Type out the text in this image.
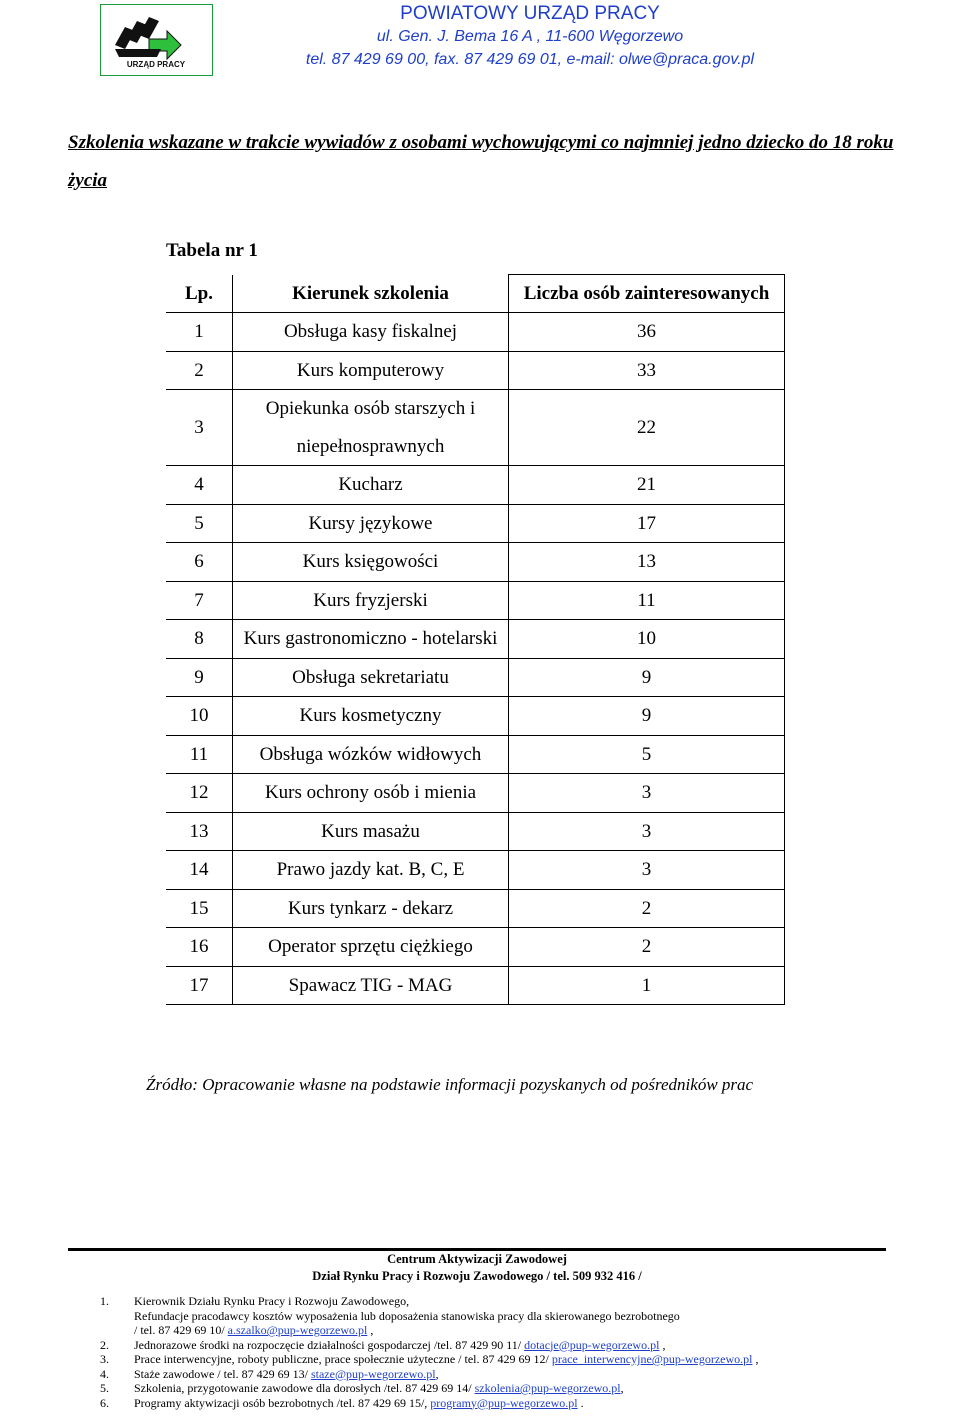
URZĄD PRACY
POWIATOWY URZĄD PRACY
ul. Gen. J. Bema 16 A , 11-600 Węgorzewo
tel. 87 429 69 00, fax. 87 429 69 01, e-mail: olwe@praca.gov.pl
Szkolenia wskazane w trakcie wywiadów z osobami wychowującymi co najmniej jedno dziecko do 18 roku życia
Tabela nr 1
Lp.	Kierunek szkolenia	Liczba osób zainteresowanych
1	Obsługa kasy fiskalnej	36
2	Kurs komputerowy	33
3	Opiekunka osób starszych i niepełnosprawnych	22
4	Kucharz	21
5	Kursy językowe	17
6	Kurs księgowości	13
7	Kurs fryzjerski	11
8	Kurs gastronomiczno - hotelarski	10
9	Obsługa sekretariatu	9
10	Kurs kosmetyczny	9
11	Obsługa wózków widłowych	5
12	Kurs ochrony osób i mienia	3
13	Kurs masażu	3
14	Prawo jazdy kat. B, C, E	3
15	Kurs tynkarz - dekarz	2
16	Operator sprzętu ciężkiego	2
17	Spawacz TIG - MAG	1
Źródło: Opracowanie własne na podstawie informacji pozyskanych od pośredników prac
Centrum Aktywizacji Zawodowej
Dział Rynku Pracy i Rozwoju Zawodowego / tel. 509 932 416 /
1.	Kierownik Działu Rynku Pracy i Rozwoju Zawodowego,
Refundacje pracodawcy kosztów wyposażenia lub doposażenia stanowiska pracy dla skierowanego bezrobotnego
/ tel. 87 429 69 10/ a.szalko@pup-wegorzewo.pl ,
2.	Jednorazowe środki na rozpoczęcie działalności gospodarczej /tel. 87 429 90 11/ dotacje@pup-wegorzewo.pl ,
3.	Prace interwencyjne, roboty publiczne, prace społecznie użyteczne / tel. 87 429 69 12/ prace_interwencyjne@pup-wegorzewo.pl ,
4.	Staże zawodowe / tel. 87 429 69 13/ staze@pup-wegorzewo.pl,
5.	Szkolenia, przygotowanie zawodowe dla dorosłych /tel. 87 429 69 14/ szkolenia@pup-wegorzewo.pl,
6.	Programy aktywizacji osób bezrobotnych /tel. 87 429 69 15/, programy@pup-wegorzewo.pl .
